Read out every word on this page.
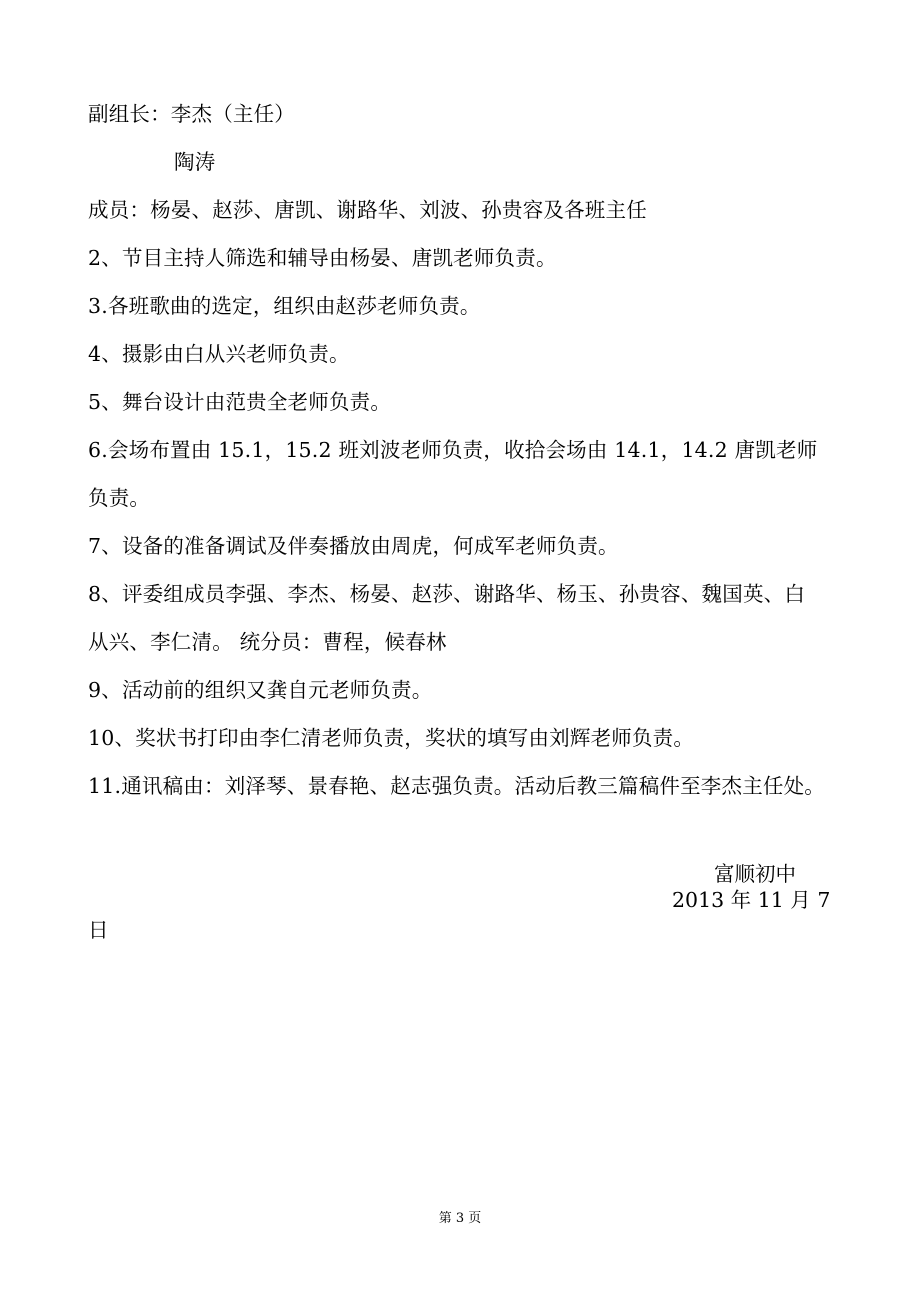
副组长：李杰（主任）
陶涛
成员：杨晏、赵莎、唐凯、谢路华、刘波、孙贵容及各班主任
2、节目主持人筛选和辅导由杨晏、唐凯老师负责。
3.各班歌曲的选定，组织由赵莎老师负责。
4、摄影由白从兴老师负责。
5、舞台设计由范贵全老师负责。
6.会场布置由 15.1，15.2 班刘波老师负责，收拾会场由 14.1，14.2 唐凯老师
负责。
7、设备的准备调试及伴奏播放由周虎，何成军老师负责。
8、评委组成员李强、李杰、杨晏、赵莎、谢路华、杨玉、孙贵容、魏国英、白
从兴、李仁清。 统分员：曹程，候春林
9、活动前的组织又龚自元老师负责。
10、奖状书打印由李仁清老师负责，奖状的填写由刘辉老师负责。
11.通讯稿由：刘泽琴、景春艳、赵志强负责。活动后教三篇稿件至李杰主任处。
富顺初中
2013 年 11 月 7
日
第 3 页
